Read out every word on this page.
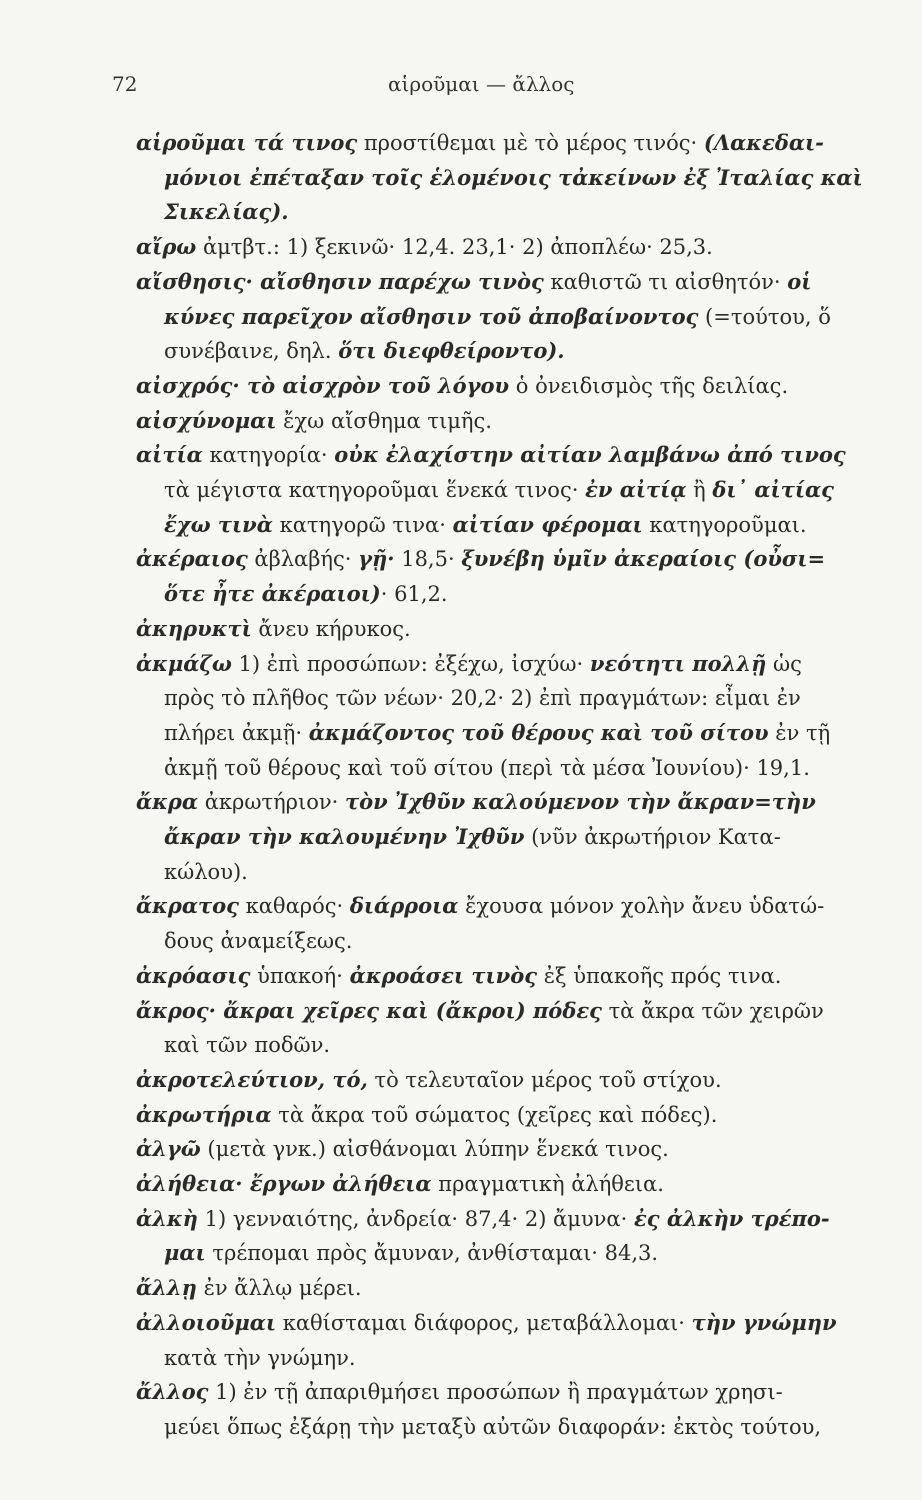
72	αἱροῦμαι — ἄλλος
αἱροῦμαι τά τινος προστίθεμαι μὲ τὸ μέρος τινός· (Λακεδαι-
μόνιοι ἐπέταξαν τοῖς ἑλομένοις τἀκείνων ἐξ Ἰταλίας καὶ
Σικελίας).
αἴρω ἀμτβτ.: 1) ξεκινῶ· 12,4. 23,1· 2) ἀποπλέω· 25,3.
αἴσθησις· αἴσθησιν παρέχω τινὸς καθιστῶ τι αἰσθητόν· οἱ
κύνες παρεῖχον αἴσθησιν τοῦ ἀποβαίνοντος (=τούτου, ὅ
συνέβαινε, δηλ. ὅτι διεφθείροντο).
αἰσχρός· τὸ αἰσχρὸν τοῦ λόγου ὁ ὀνειδισμὸς τῆς δειλίας.
αἰσχύνομαι ἔχω αἴσθημα τιμῆς.
αἰτία κατηγορία· οὐκ ἐλαχίστην αἰτίαν λαμβάνω ἀπό τινος
τὰ μέγιστα κατηγοροῦμαι ἕνεκά τινος· ἐν αἰτίᾳ ἢ δι᾽ αἰτίας
ἔχω τινὰ κατηγορῶ τινα· αἰτίαν φέρομαι κατηγοροῦμαι.
ἀκέραιος ἀβλαβής· γῇ· 18,5· ξυνέβη ὑμῖν ἀκεραίοις (οὖσι=
ὅτε ἦτε ἀκέραιοι)· 61,2.
ἀκηρυκτὶ ἄνευ κήρυκος.
ἀκμάζω 1) ἐπὶ προσώπων: ἐξέχω, ἰσχύω· νεότητι πολλῇ ὡς
πρὸς τὸ πλῆθος τῶν νέων· 20,2· 2) ἐπὶ πραγμάτων: εἶμαι ἐν
πλήρει ἀκμῇ· ἀκμάζοντος τοῦ θέρους καὶ τοῦ σίτου ἐν τῇ
ἀκμῇ τοῦ θέρους καὶ τοῦ σίτου (περὶ τὰ μέσα Ἰουνίου)· 19,1.
ἄκρα ἀκρωτήριον· τὸν Ἰχθῦν καλούμενον τὴν ἄκραν=τὴν
ἄκραν τὴν καλουμένην Ἰχθῦν (νῦν ἀκρωτήριον Κατα-
κώλου).
ἄκρατος καθαρός· διάρροια ἔχουσα μόνον χολὴν ἄνευ ὑδατώ-
δους ἀναμείξεως.
ἀκρόασις ὑπακοή· ἀκροάσει τινὸς ἐξ ὑπακοῆς πρός τινα.
ἄκρος· ἄκραι χεῖρες καὶ (ἄκροι) πόδες τὰ ἄκρα τῶν χειρῶν
καὶ τῶν ποδῶν.
ἀκροτελεύτιον, τό, τὸ τελευταῖον μέρος τοῦ στίχου.
ἀκρωτήρια τὰ ἄκρα τοῦ σώματος (χεῖρες καὶ πόδες).
ἀλγῶ (μετὰ γνκ.) αἰσθάνομαι λύπην ἕνεκά τινος.
ἀλήθεια· ἔργων ἀλήθεια πραγματικὴ ἀλήθεια.
ἀλκὴ 1) γενναιότης, ἀνδρεία· 87,4· 2) ἄμυνα· ἐς ἀλκὴν τρέπο-
μαι τρέπομαι πρὸς ἄμυναν, ἀνθίσταμαι· 84,3.
ἄλλῃ ἐν ἄλλῳ μέρει.
ἀλλοιοῦμαι καθίσταμαι διάφορος, μεταβάλλομαι· τὴν γνώμην
κατὰ τὴν γνώμην.
ἄλλος 1) ἐν τῇ ἀπαριθμήσει προσώπων ἢ πραγμάτων χρησι-
μεύει ὅπως ἐξάρῃ τὴν μεταξὺ αὐτῶν διαφοράν: ἐκτὸς τούτου,
